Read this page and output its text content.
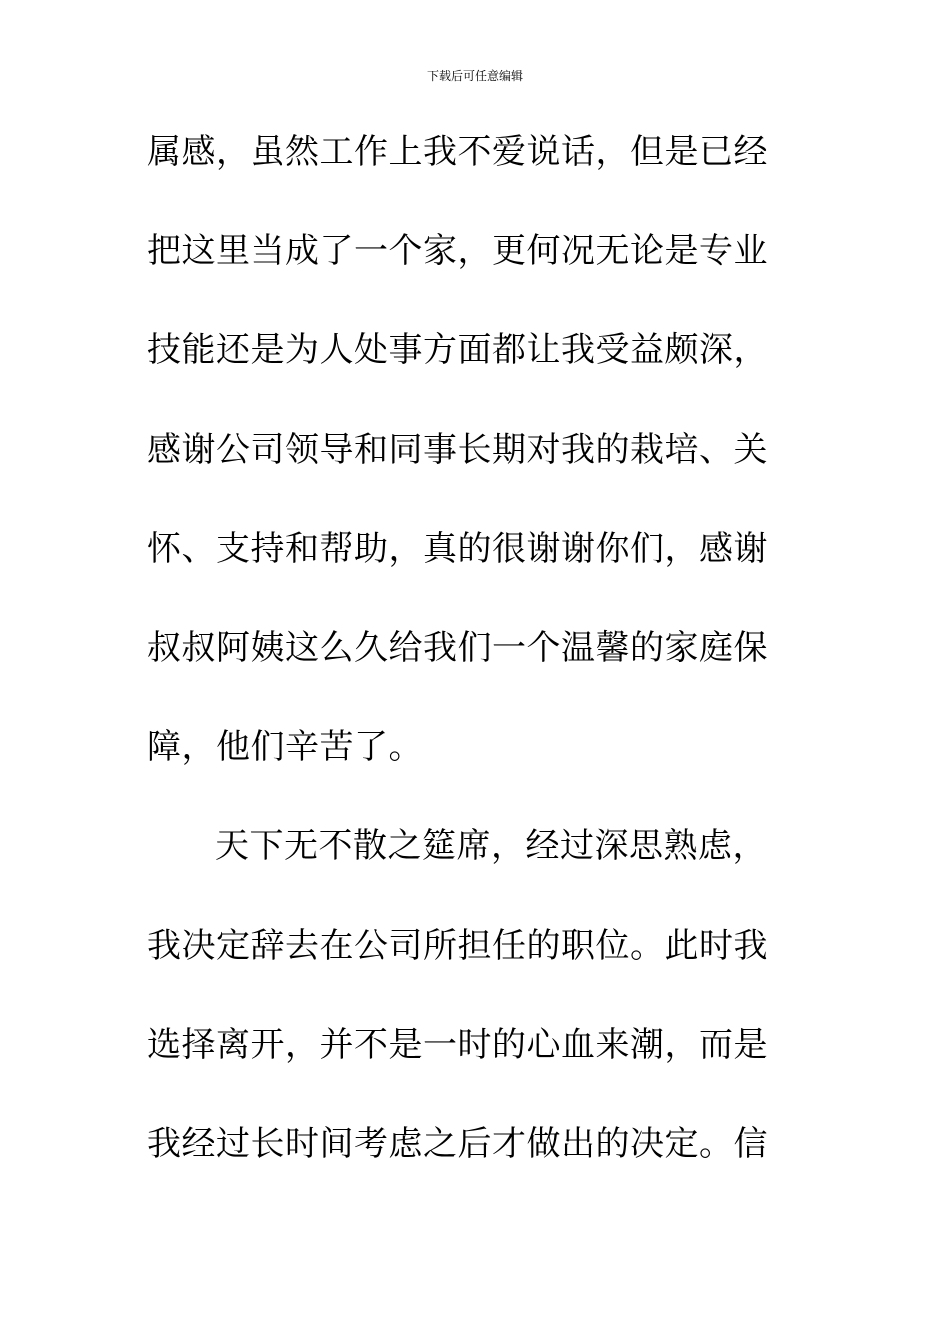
下载后可任意编辑
属感，虽然工作上我不爱说话，但是已经
把这里当成了一个家，更何况无论是专业
技能还是为人处事方面都让我受益颇深，
感谢公司领导和同事长期对我的栽培、关
怀、支持和帮助，真的很谢谢你们，感谢
叔叔阿姨这么久给我们一个温馨的家庭保
障，他们辛苦了。
天下无不散之筵席，经过深思熟虑，
我决定辞去在公司所担任的职位。此时我
选择离开，并不是一时的心血来潮，而是
我经过长时间考虑之后才做出的决定。信
